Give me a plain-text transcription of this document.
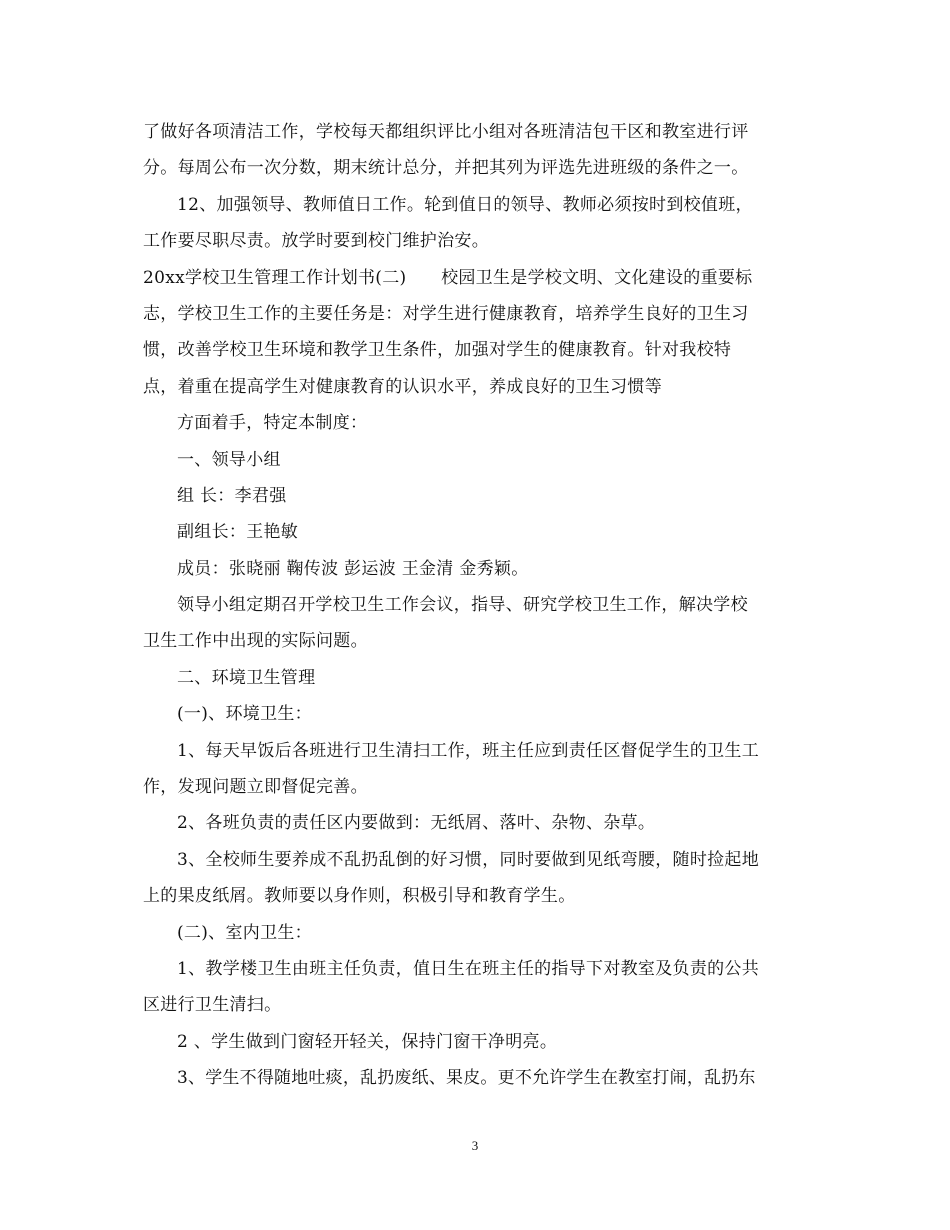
了做好各项清洁工作，学校每天都组织评比小组对各班清洁包干区和教室进行评
分。每周公布一次分数，期末统计总分，并把其列为评选先进班级的条件之一。
12、加强领导、教师值日工作。轮到值日的领导、教师必须按时到校值班，
工作要尽职尽责。放学时要到校门维护治安。
20xx学校卫生管理工作计划书(二)　　校园卫生是学校文明、文化建设的重要标
志，学校卫生工作的主要任务是：对学生进行健康教育，培养学生良好的卫生习
惯，改善学校卫生环境和教学卫生条件，加强对学生的健康教育。针对我校特
点，着重在提高学生对健康教育的认识水平，养成良好的卫生习惯等
方面着手，特定本制度：
一、领导小组
组 长：李君强
副组长：王艳敏
成员：张晓丽 鞠传波 彭运波 王金清 金秀颖。
领导小组定期召开学校卫生工作会议，指导、研究学校卫生工作，解决学校
卫生工作中出现的实际问题。
二、环境卫生管理
(一)、环境卫生：
1、每天早饭后各班进行卫生清扫工作，班主任应到责任区督促学生的卫生工
作，发现问题立即督促完善。
2、各班负责的责任区内要做到：无纸屑、落叶、杂物、杂草。
3、全校师生要养成不乱扔乱倒的好习惯，同时要做到见纸弯腰，随时捡起地
上的果皮纸屑。教师要以身作则，积极引导和教育学生。
(二)、室内卫生：
1、教学楼卫生由班主任负责，值日生在班主任的指导下对教室及负责的公共
区进行卫生清扫。
2 、学生做到门窗轻开轻关，保持门窗干净明亮。
3、学生不得随地吐痰，乱扔废纸、果皮。更不允许学生在教室打闹，乱扔东
3
